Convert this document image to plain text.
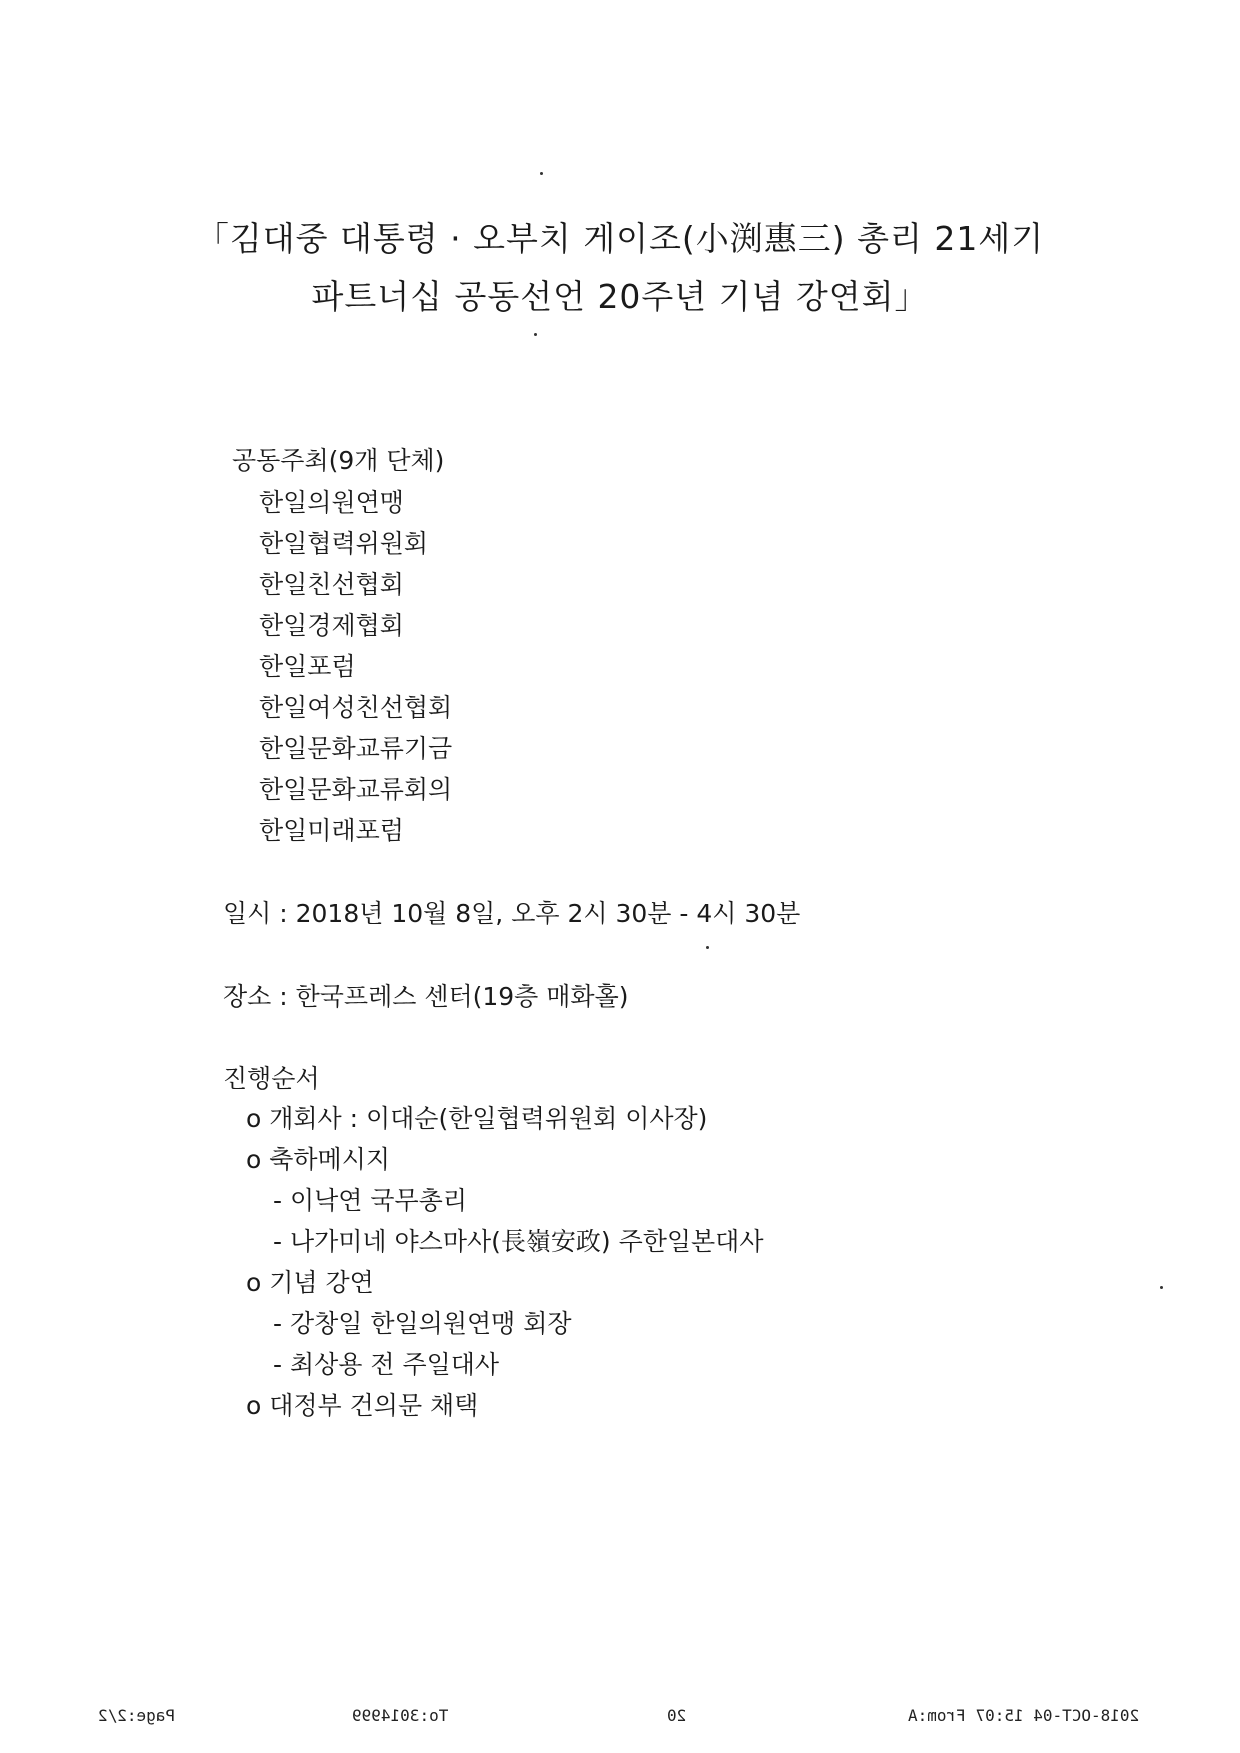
「김대중 대통령 · 오부치 게이조(小渕惠三) 총리 21세기
파트너십 공동선언 20주년 기념 강연회」
공동주최(9개 단체)
한일의원연맹
한일협력위원회
한일친선협회
한일경제협회
한일포럼
한일여성친선협회
한일문화교류기금
한일문화교류회의
한일미래포럼
일시 : 2018년 10월 8일, 오후 2시 30분 - 4시 30분
장소 : 한국프레스 센터(19층 매화홀)
진행순서
o 개회사 : 이대순(한일협력위원회 이사장)
o 축하메시지
- 이낙연 국무총리
- 나가미네 야스마사(長嶺安政) 주한일본대사
o 기념 강연
- 강창일 한일의원연맹 회장
- 최상용 전 주일대사
o 대정부 건의문 채택
Page:2/2	To:3014999	20	2018-OCT-04 15:07 From:A
